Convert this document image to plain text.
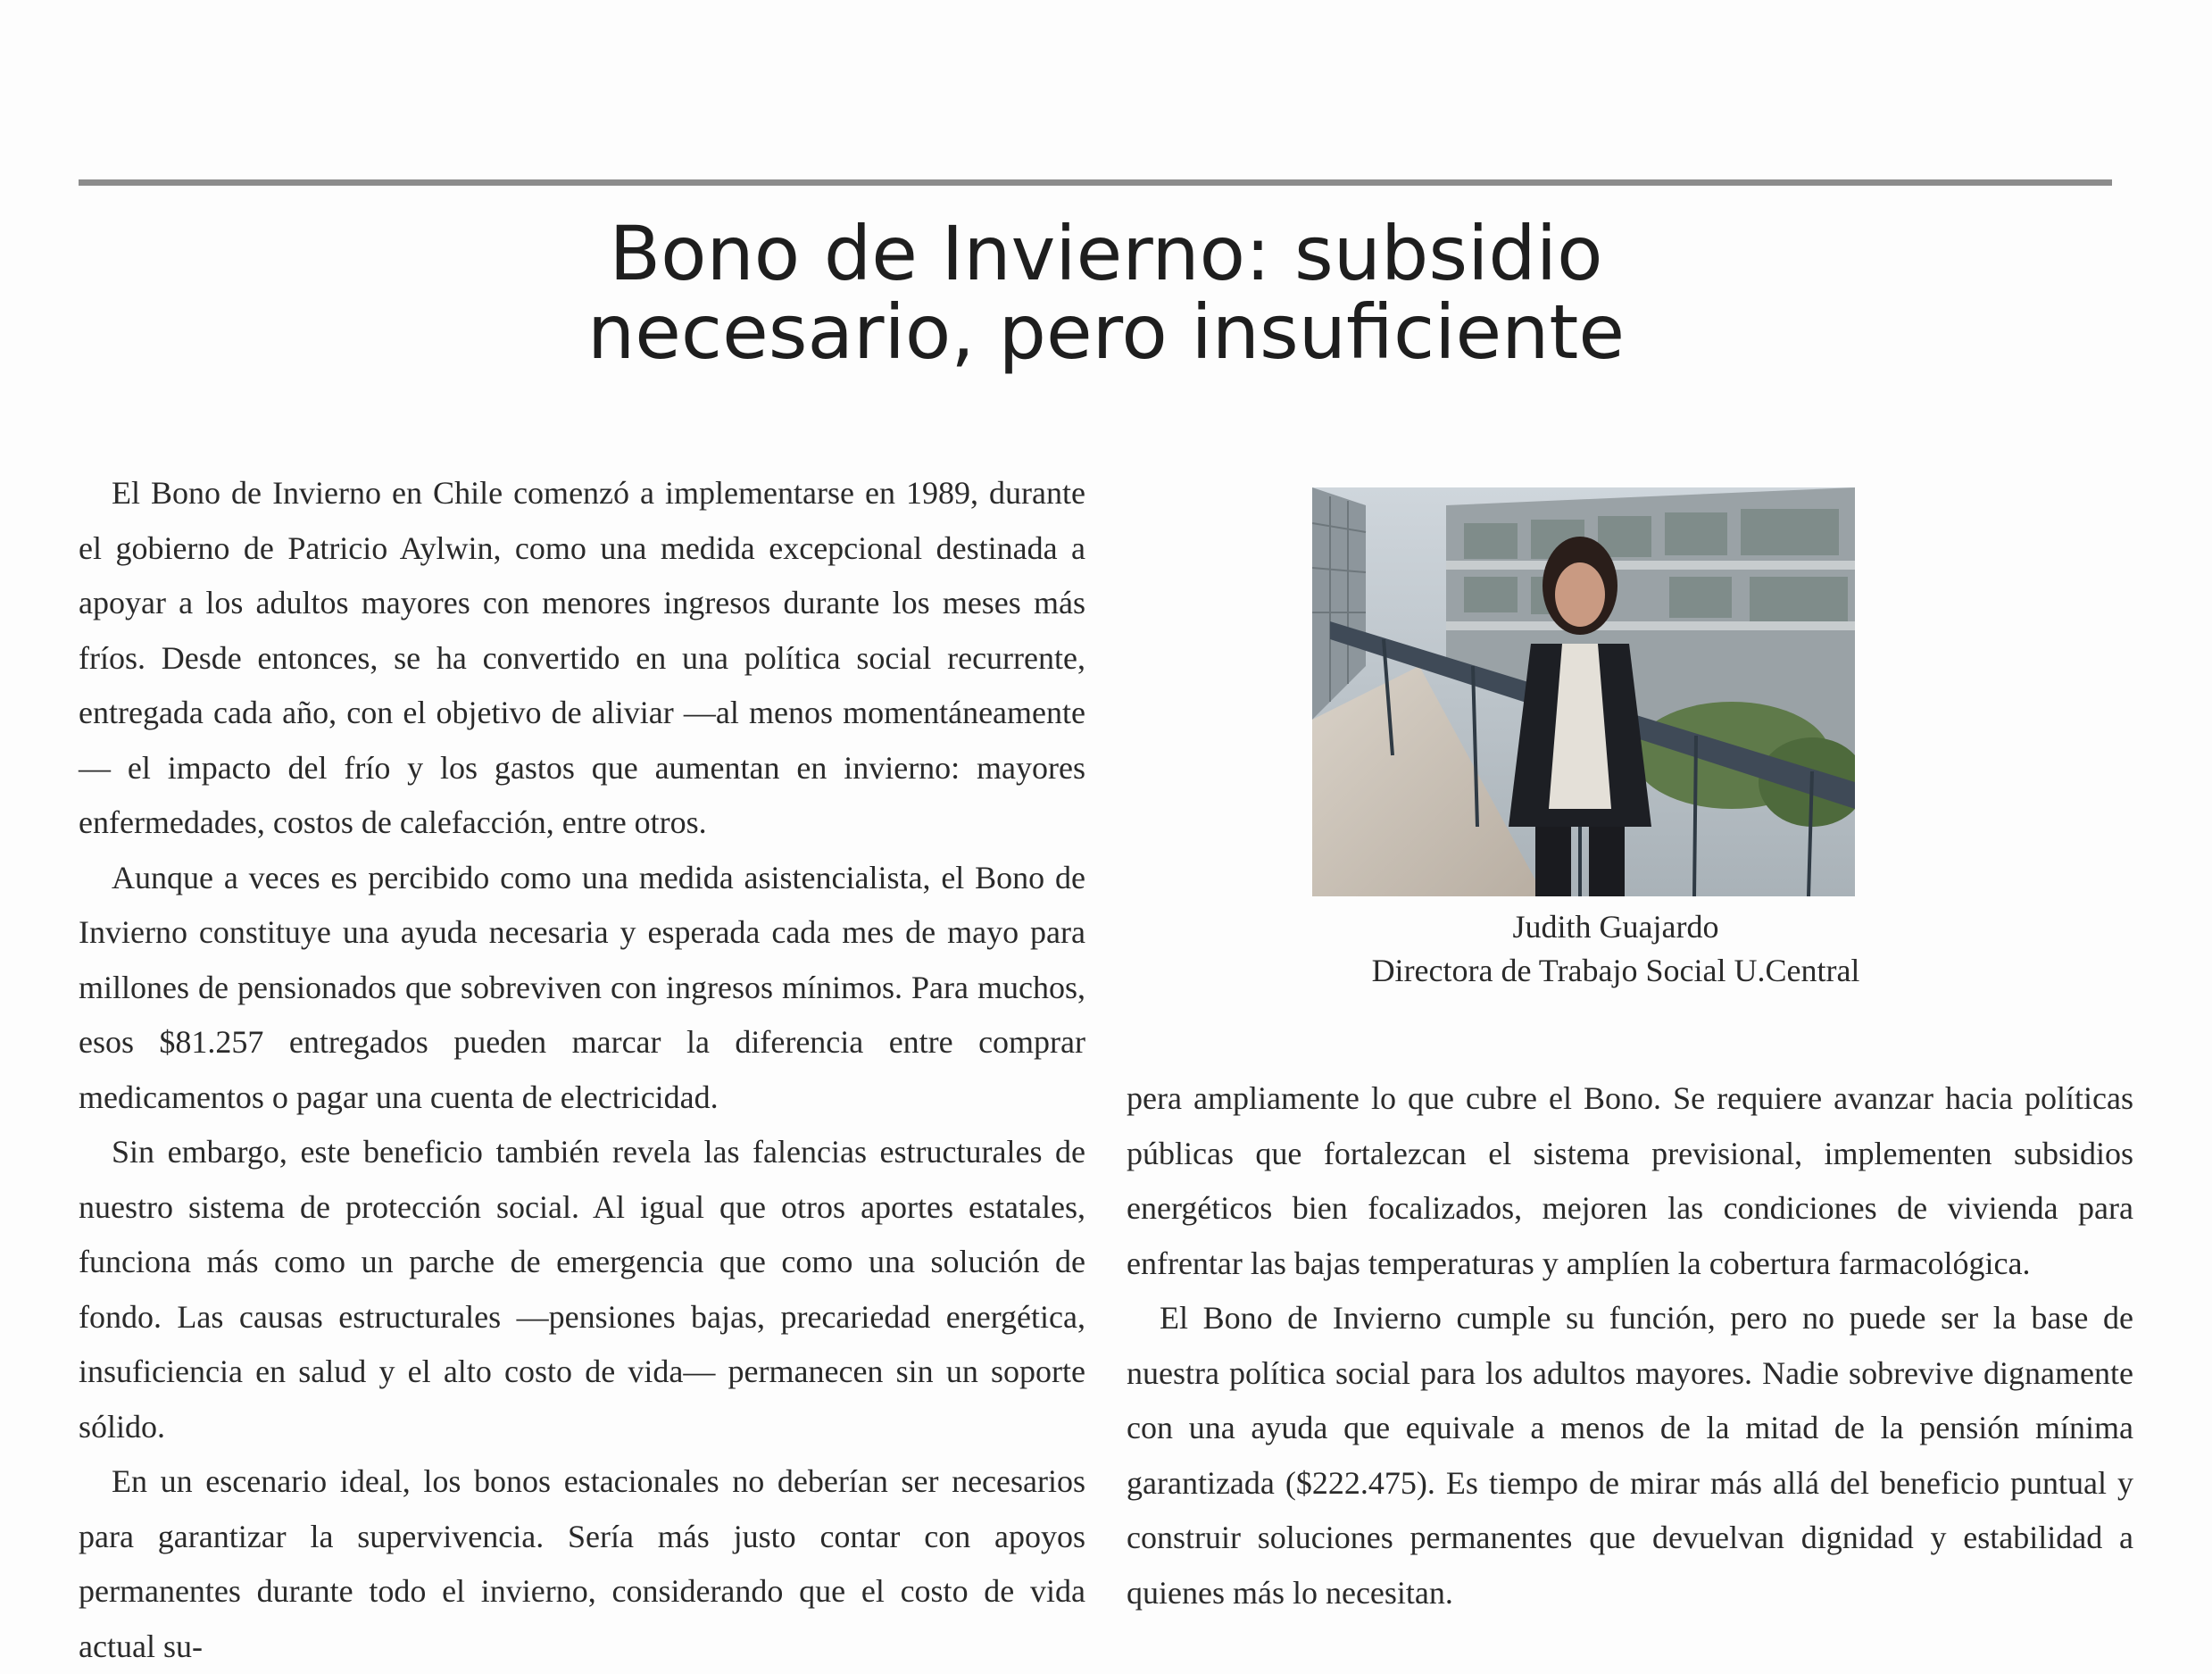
Bono de Invierno: subsidio
necesario, pero insuficiente

El Bono de Invierno en Chile comenzó a implementarse en 1989, durante el gobierno de Patricio Aylwin, como una medida excepcional destinada a apoyar a los adultos mayores con menores ingresos durante los meses más fríos. Desde entonces, se ha convertido en una política social recurrente, entregada cada año, con el objetivo de aliviar —al menos momentáneamente— el impacto del frío y los gastos que aumentan en invierno: mayores enfermedades, costos de calefacción, entre otros.

Aunque a veces es percibido como una medida asistencialista, el Bono de Invierno constituye una ayuda necesaria y esperada cada mes de mayo para millones de pensionados que sobreviven con ingresos mínimos. Para muchos, esos $81.257 entregados pueden marcar la diferencia entre comprar medicamentos o pagar una cuenta de electricidad.

Sin embargo, este beneficio también revela las falencias estructurales de nuestro sistema de protección social. Al igual que otros aportes estatales, funciona más como un parche de emergencia que como una solución de fondo. Las causas estructurales —pensiones bajas, precariedad energética, insuficiencia en salud y el alto costo de vida— permanecen sin un soporte sólido.

En un escenario ideal, los bonos estacionales no deberían ser necesarios para garantizar la supervivencia. Sería más justo contar con apoyos permanentes durante todo el invierno, considerando que el costo de vida actual su-

Judith Guajardo
Directora de Trabajo Social U.Central

pera ampliamente lo que cubre el Bono. Se requiere avanzar hacia políticas públicas que fortalezcan el sistema previsional, implementen subsidios energéticos bien focalizados, mejoren las condiciones de vivienda para enfrentar las bajas temperaturas y amplíen la cobertura farmacológica.

El Bono de Invierno cumple su función, pero no puede ser la base de nuestra política social para los adultos mayores. Nadie sobrevive dignamente con una ayuda que equivale a menos de la mitad de la pensión mínima garantizada ($222.475). Es tiempo de mirar más allá del beneficio puntual y construir soluciones permanentes que devuelvan dignidad y estabilidad a quienes más lo necesitan.
